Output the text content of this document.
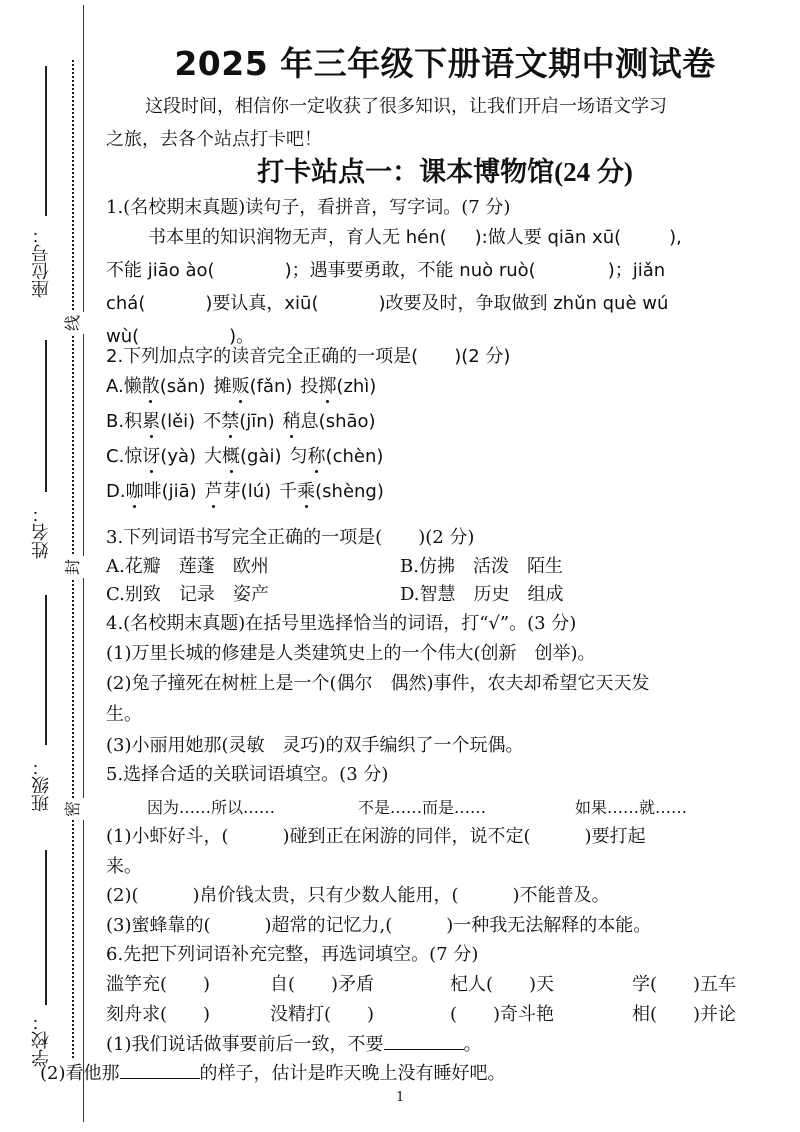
座位号：
姓名：
班级：
学校：
线
封
密
2025 年三年级下册语文期中测试卷
这段时间，相信你一定收获了很多知识，让我们开启一场语文学习
之旅，去各个站点打卡吧！
打卡站点一：课本博物馆(24 分)
1.(名校期末真题)读句子，看拼音，写字词。(7 分)
书本里的知识润物无声，育人无 hén( ):做人要 qiān xū(	),
不能 jiāo ào(	)；遇事要勇敢，不能 nuò ruò(	)；jiǎn
chá(	)要认真，xiū(	)改要及时，争取做到 zhǔn què wú
wù(	)。
2.下列加点字的读音完全正确的一项是(　　)(2 分)
A.懒散(sǎn) 摊贩(fǎn) 投掷(zhì)
B.积累(lěi) 不禁(jīn) 稍息(shāo)
C.惊讶(yà) 大概(gài) 匀称(chèn)
D.咖啡(jiā) 芦芽(lú) 千乘(shèng)
3.下列词语书写完全正确的一项是(　　)(2 分)
A.花瓣　莲蓬　欧州	B.仿拂　活泼　陌生
C.别致　记录　姿产	D.智慧　历史　组成
4.(名校期末真题)在括号里选择恰当的词语，打“√”。(3 分)
(1)万里长城的修建是人类建筑史上的一个伟大(创新　创举)。
(2)兔子撞死在树桩上是一个(偶尔　偶然)事件，农夫却希望它天天发
生。
(3)小丽用她那(灵敏　灵巧)的双手编织了一个玩偶。
5.选择合适的关联词语填空。(3 分)
因为……所以……	不是……而是……	如果……就……
(1)小虾好斗，(　　　)碰到正在闲游的同伴，说不定(　　　)要打起
来。
(2)(　　　)帛价钱太贵，只有少数人能用，(　　　)不能普及。
(3)蜜蜂靠的(　　　)超常的记忆力,(　　　)一种我无法解释的本能。
6.先把下列词语补充完整，再选词填空。(7 分)
滥竽充(　　)	自(　　)矛盾	杞人(　　)天	学(　　)五车
刻舟求(　　)	没精打(　　)	(　　)奇斗艳	相(　　)并论
(1)我们说话做事要前后一致，不要	。
(2)看他那	的样子，估计是昨天晚上没有睡好吧。
1
